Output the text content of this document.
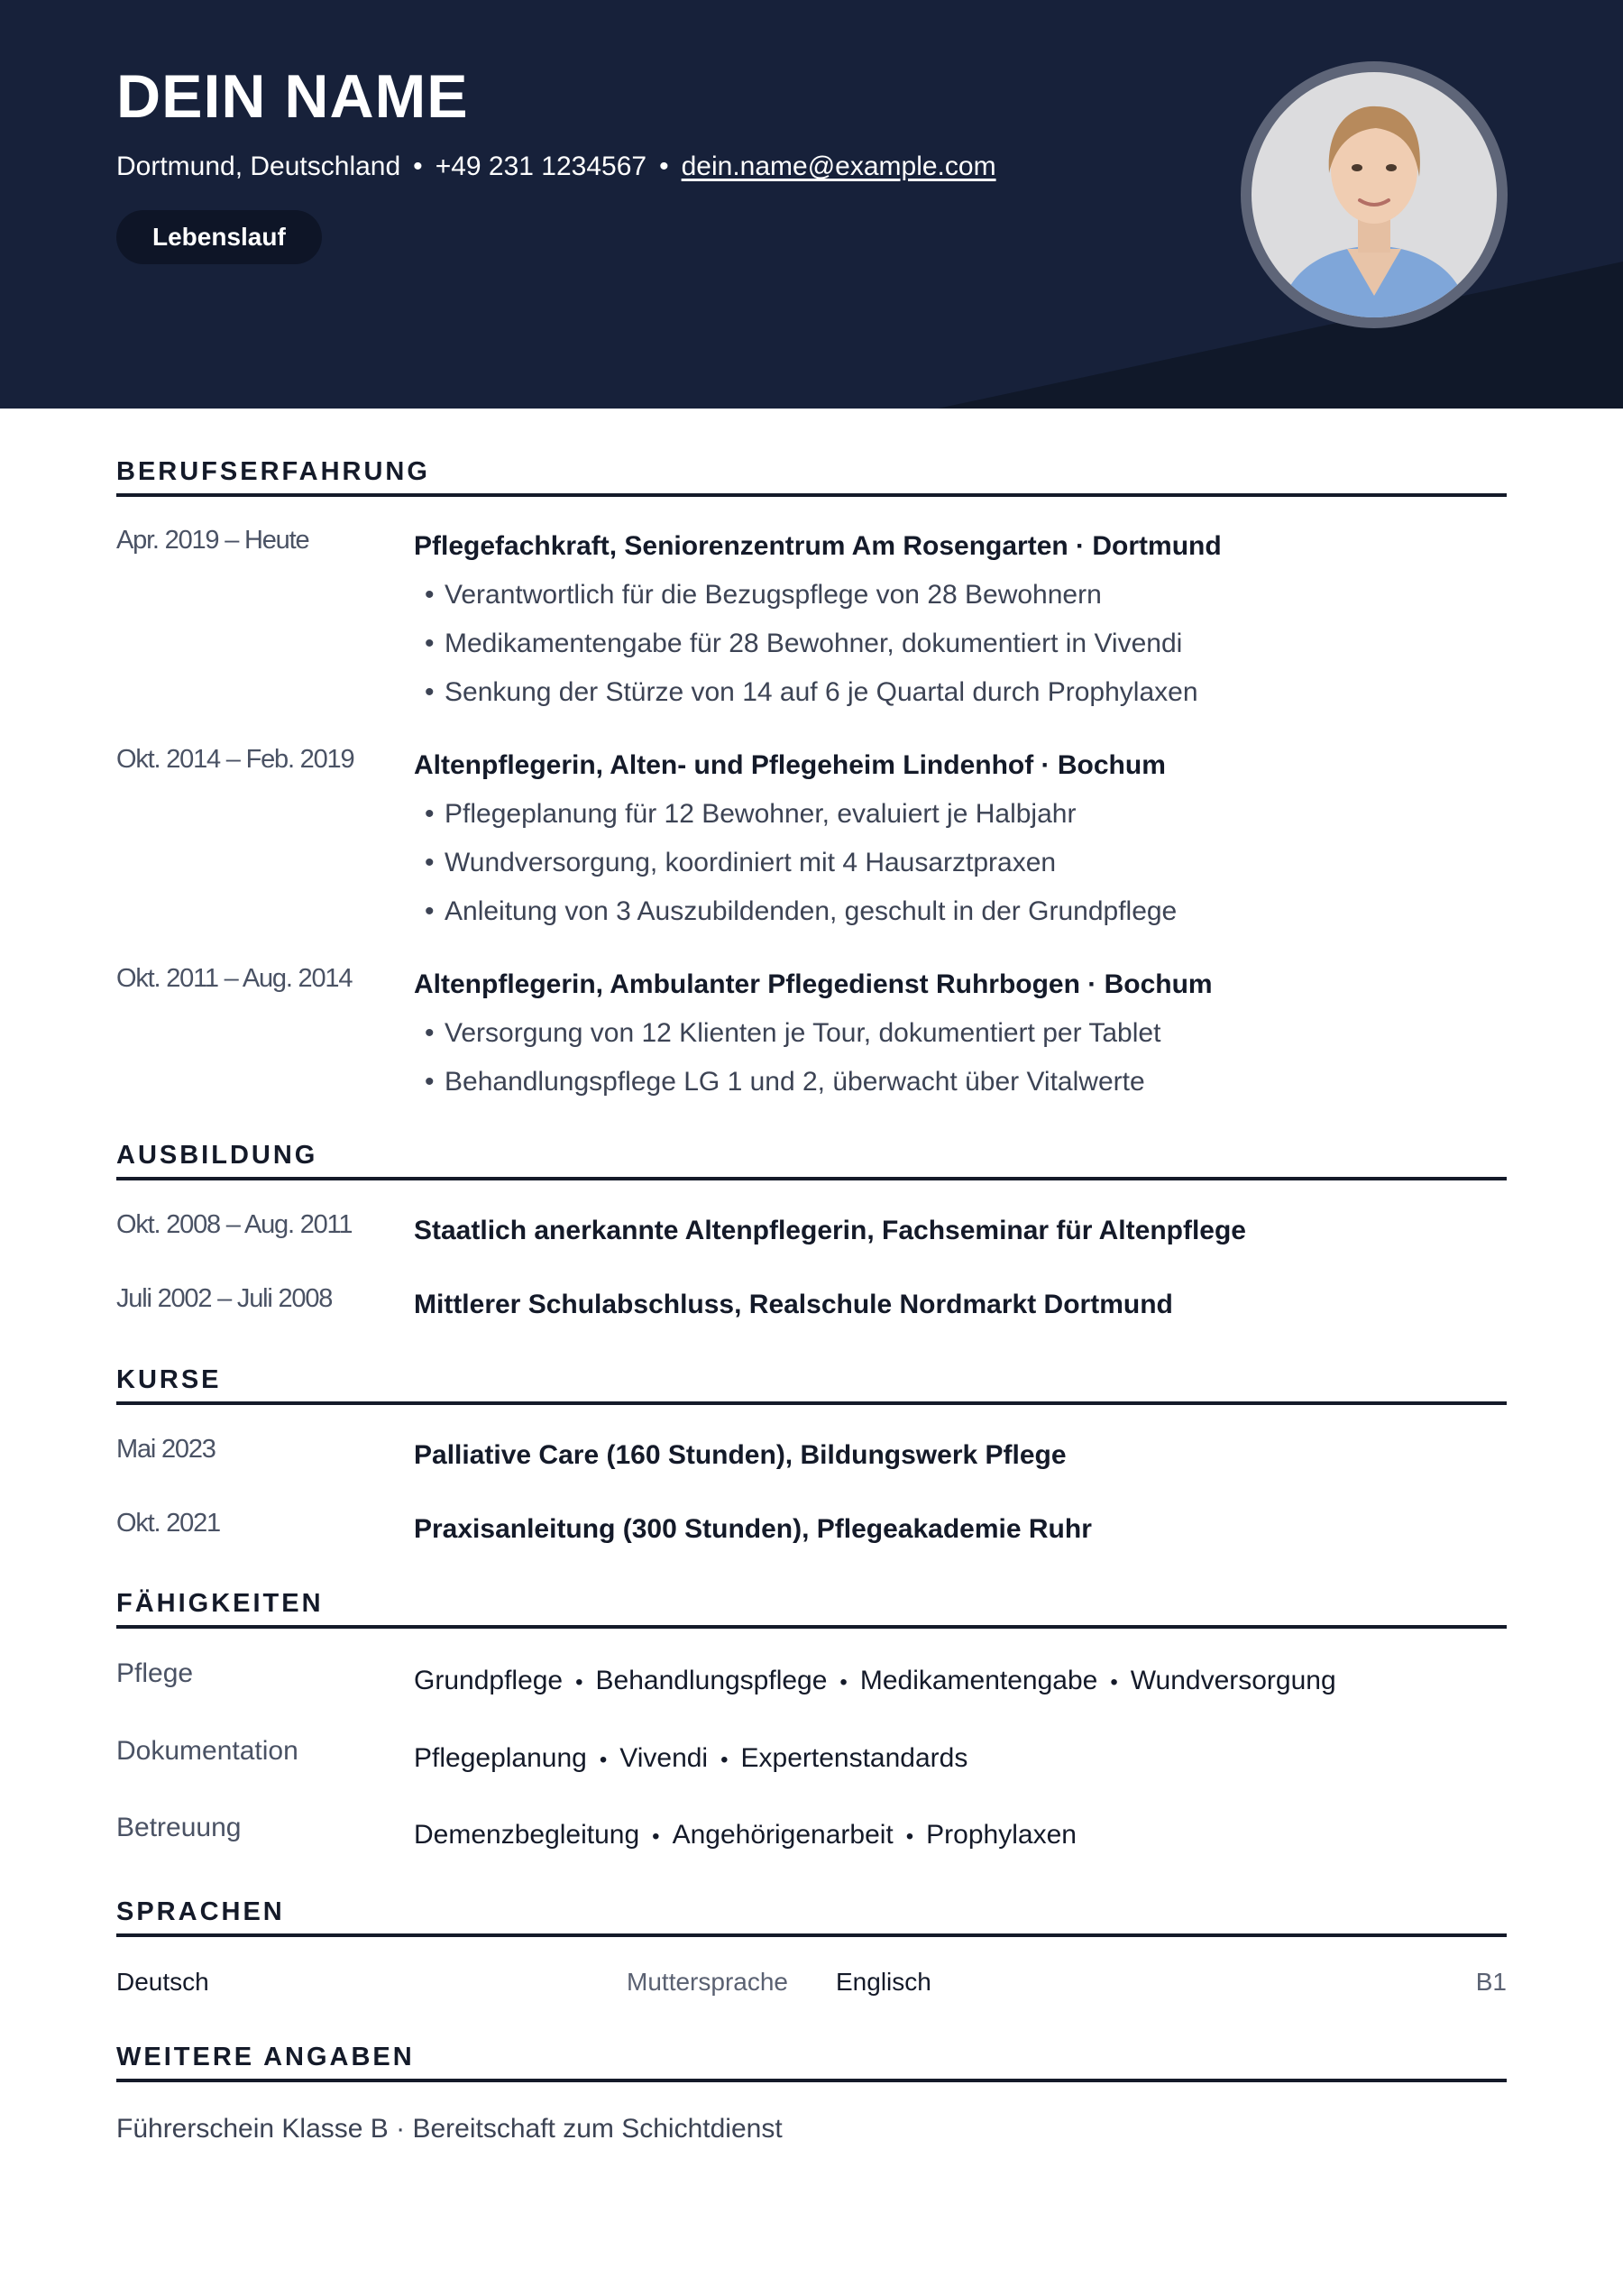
DEIN NAME
Dortmund, Deutschland • +49 231 1234567 • dein.name@example.com
Lebenslauf
BERUFSERFAHRUNG
Apr. 2019 – Heute	Pflegefachkraft, Seniorenzentrum Am Rosengarten · Dortmund
• Verantwortlich für die Bezugspflege von 28 Bewohnern
• Medikamentengabe für 28 Bewohner, dokumentiert in Vivendi
• Senkung der Stürze von 14 auf 6 je Quartal durch Prophylaxen
Okt. 2014 – Feb. 2019 Altenpflegerin, Alten- und Pflegeheim Lindenhof · Bochum
• Pflegeplanung für 12 Bewohner, evaluiert je Halbjahr
• Wundversorgung, koordiniert mit 4 Hausarztpraxen
• Anleitung von 3 Auszubildenden, geschult in der Grundpflege
Okt. 2011 – Aug. 2014 Altenpflegerin, Ambulanter Pflegedienst Ruhrbogen · Bochum
• Versorgung von 12 Klienten je Tour, dokumentiert per Tablet
• Behandlungspflege LG 1 und 2, überwacht über Vitalwerte
AUSBILDUNG
Okt. 2008 – Aug. 2011 Staatlich anerkannte Altenpflegerin, Fachseminar für Altenpflege
Juli 2002 – Juli 2008	Mittlerer Schulabschluss, Realschule Nordmarkt Dortmund
KURSE
Mai 2023	Palliative Care (160 Stunden), Bildungswerk Pflege
Okt. 2021	Praxisanleitung (300 Stunden), Pflegeakademie Ruhr
FÄHIGKEITEN
Pflege	Grundpflege • Behandlungspflege • Medikamentengabe • Wundversorgung
Dokumentation	Pflegeplanung • Vivendi • Expertenstandards
Betreuung	Demenzbegleitung • Angehörigenarbeit • Prophylaxen
SPRACHEN
Deutsch	Muttersprache Englisch	B1
WEITERE ANGABEN
Führerschein Klasse B · Bereitschaft zum Schichtdienst
